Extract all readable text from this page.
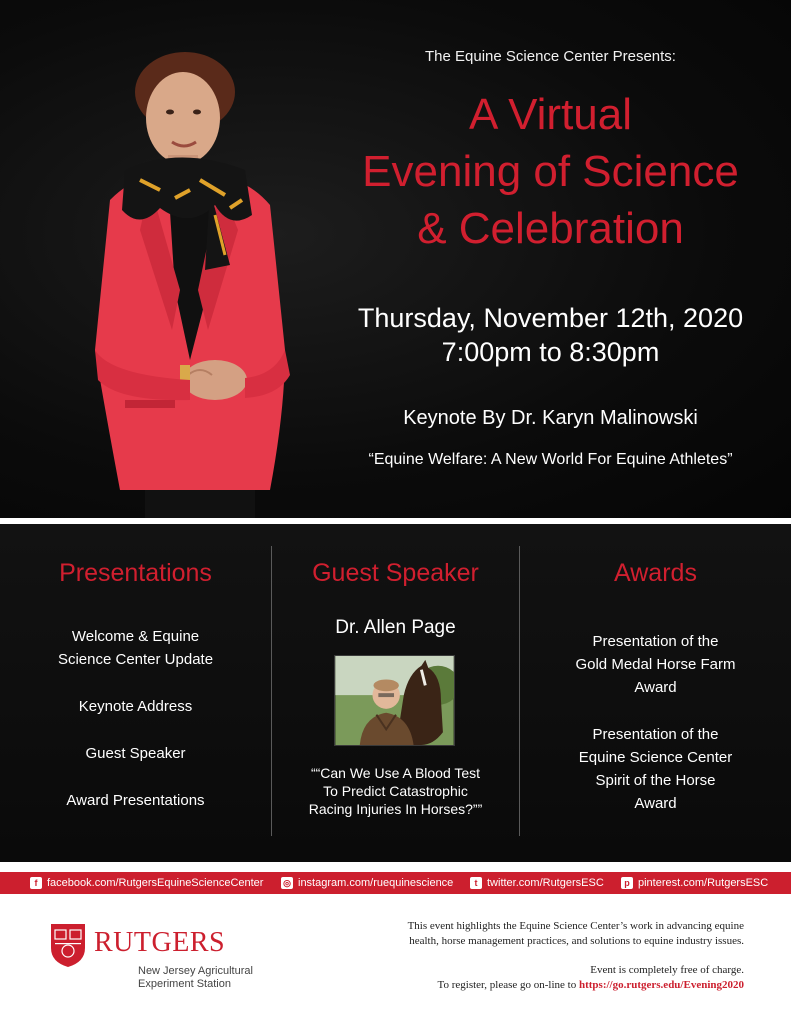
The Equine Science Center Presents:
A Virtual
Evening of Science
& Celebration
Thursday, November 12th, 2020
7:00pm to 8:30pm
Keynote By Dr. Karyn Malinowski
“Equine Welfare: A New World For Equine Athletes”
Presentations
Welcome & Equine
Science Center Update
Keynote Address
Guest Speaker
Award Presentations
Guest Speaker
Dr. Allen Page
““Can We Use A Blood Test
To Predict Catastrophic
Racing Injuries In Horses?””
Awards
Presentation of the
Gold Medal Horse Farm
Award
Presentation of the
Equine Science Center
Spirit of the Horse
Award
f facebook.com/RutgersEquineScienceCenter ◎ instagram.com/ruequinescience	t twitter.com/RutgersESC	p pinterest.com/RutgersESC
RUTGERS
New Jersey Agricultural
Experiment Station
This event highlights the Equine Science Center’s work in advancing equine
health, horse management practices, and solutions to equine industry issues.
Event is completely free of charge.
To register, please go on-line to https://go.rutgers.edu/Evening2020
